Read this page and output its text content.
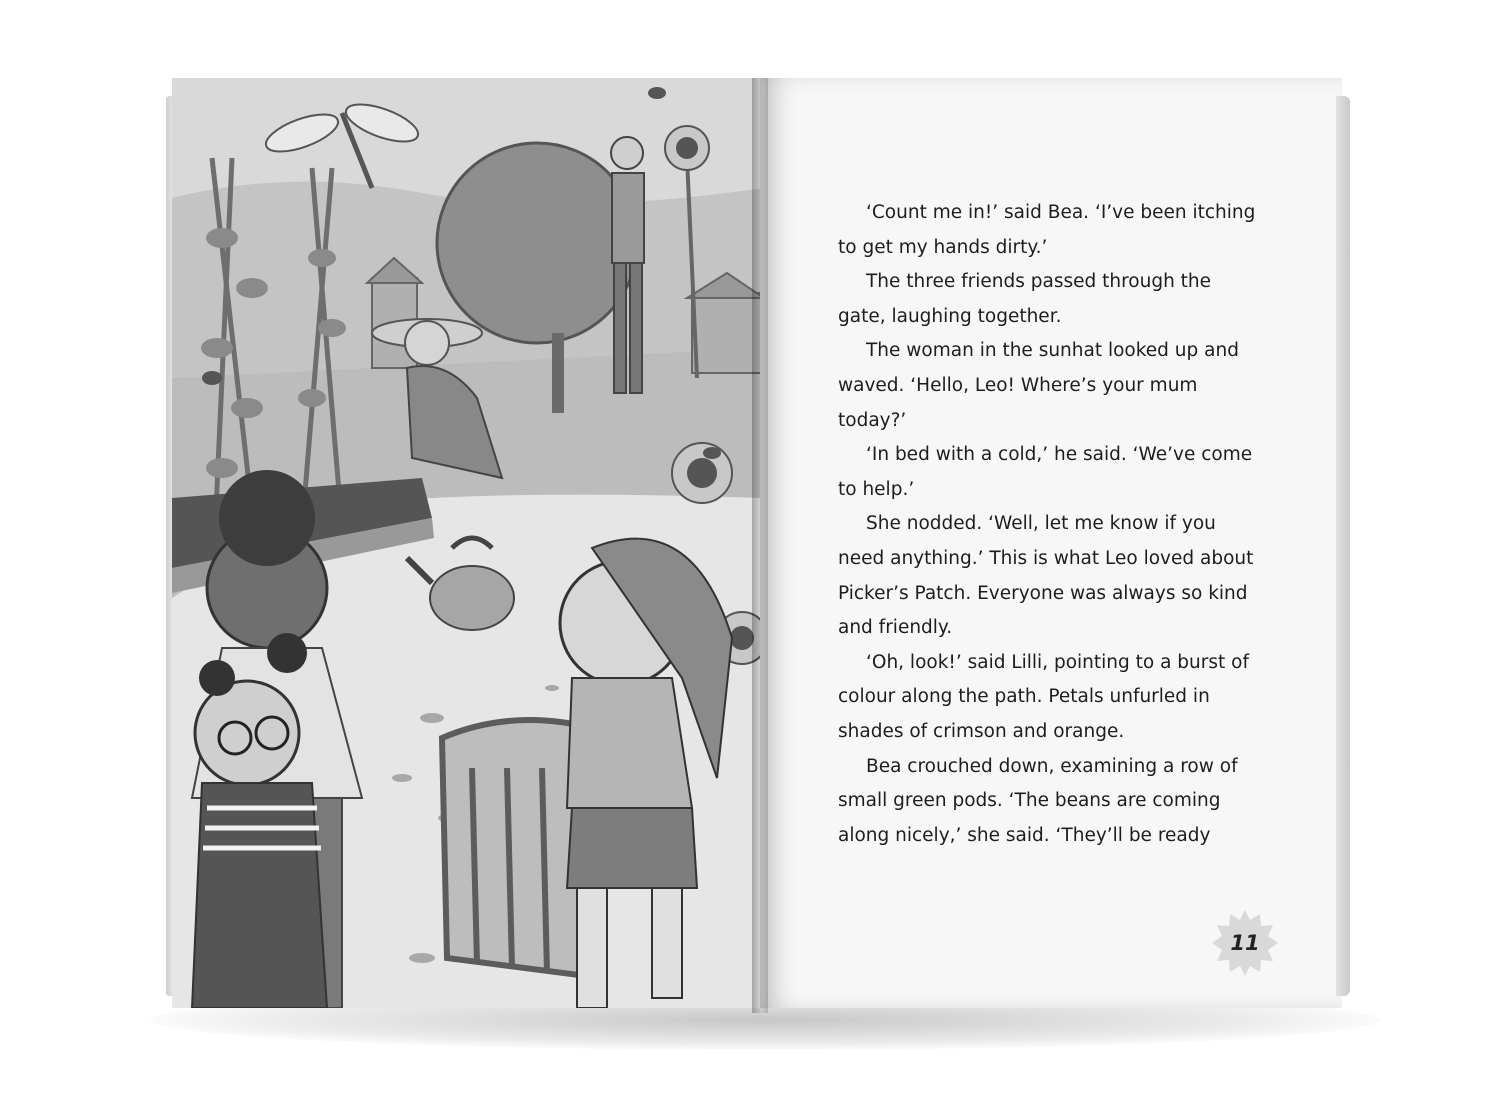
‘Count me in!’ said Bea. ‘I’ve been itching to get my hands dirty.’

The three friends passed through the gate, laughing together.

The woman in the sunhat looked up and waved. ‘Hello, Leo! Where’s your mum today?’

‘In bed with a cold,’ he said. ‘We’ve come to help.’

She nodded. ‘Well, let me know if you need anything.’ This is what Leo loved about Picker’s Patch. Everyone was always so kind and friendly.

‘Oh, look!’ said Lilli, pointing to a burst of colour along the path. Petals unfurled in shades of crimson and orange.

Bea crouched down, examining a row of small green pods. ‘The beans are coming along nicely,’ she said. ‘They’ll be ready

11
